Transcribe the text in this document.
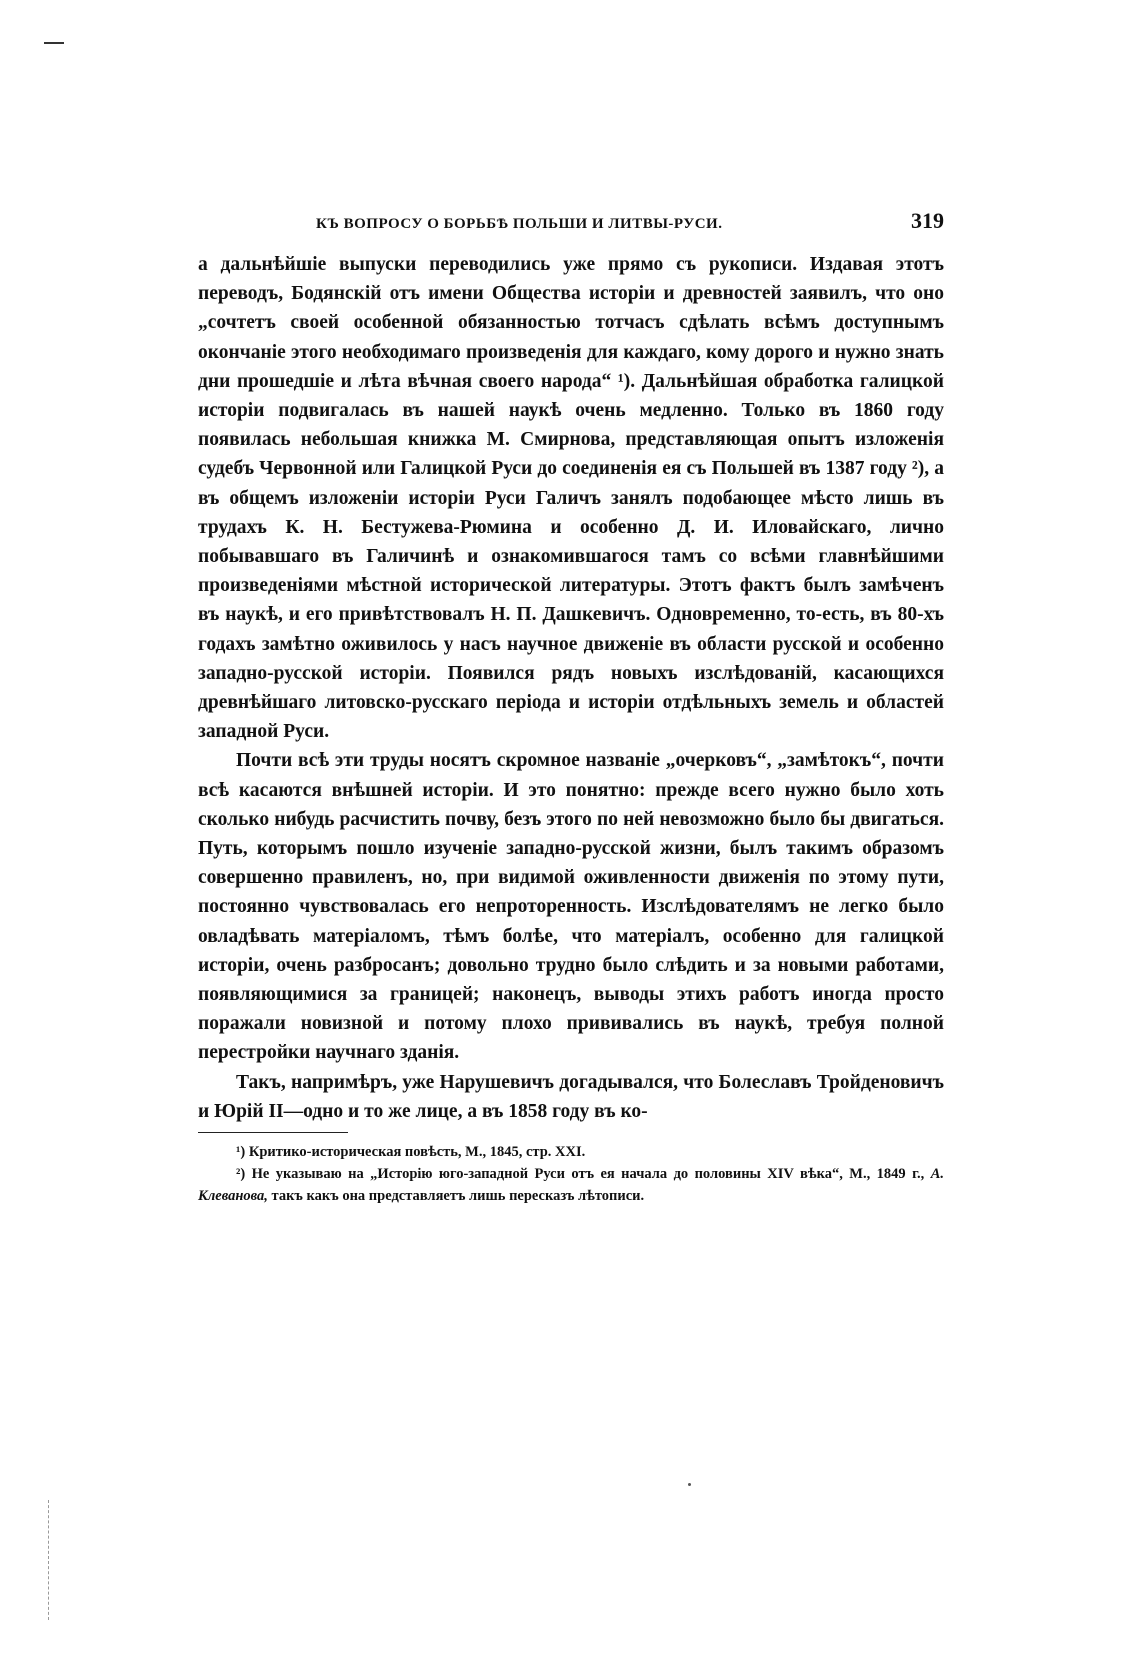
КЪ ВОПРОСУ О БОРЬБѢ ПОЛЬШИ И ЛИТВЫ-РУСИ.	319

а дальнѣйшіе выпуски переводились уже прямо съ рукописи. Издавая этотъ переводъ, Бодянскій отъ имени Общества исторіи и древностей заявилъ, что оно „сочтетъ своей особенной обязанностью тотчасъ сдѣлать всѣмъ доступнымъ окончаніе этого необходимаго произведенія для каждаго, кому дорого и нужно знать дни прошедшіе и лѣта вѣчная своего народа“ ¹). Дальнѣйшая обработка галицкой исторіи подвигалась въ нашей наукѣ очень медленно. Только въ 1860 году появилась небольшая книжка М. Смирнова, представляющая опытъ изложенія судебъ Червонной или Галицкой Руси до соединенія ея съ Польшей въ 1387 году ²), а въ общемъ изложеніи исторіи Руси Галичъ занялъ подобающее мѣсто лишь въ трудахъ К. Н. Бестужева-Рюмина и особенно Д. И. Иловайскаго, лично побывавшаго въ Галичинѣ и ознакомившагося тамъ со всѣми главнѣйшими произведеніями мѣстной исторической литературы. Этотъ фактъ былъ замѣченъ въ наукѣ, и его привѣтствовалъ Н. П. Дашкевичъ. Одновременно, то-есть, въ 80-хъ годахъ замѣтно оживилось у насъ научное движеніе въ области русской и особенно западно-русской исторіи. Появился рядъ новыхъ изслѣдованій, касающихся древнѣйшаго литовско-русскаго періода и исторіи отдѣльныхъ земель и областей западной Руси.

Почти всѣ эти труды носятъ скромное названіе „очерковъ“, „замѣтокъ“, почти всѣ касаются внѣшней исторіи. И это понятно: прежде всего нужно было хоть сколько нибудь расчистить почву, безъ этого по ней невозможно было бы двигаться. Путь, которымъ пошло изученіе западно-русской жизни, былъ такимъ образомъ совершенно правиленъ, но, при видимой оживленности движенія по этому пути, постоянно чувствовалась его непроторенность. Изслѣдователямъ не легко было овладѣвать матеріаломъ, тѣмъ болѣе, что матеріалъ, особенно для галицкой исторіи, очень разбросанъ; довольно трудно было слѣдить и за новыми работами, появляющимися за границей; наконецъ, выводы этихъ работъ иногда просто поражали новизной и потому плохо прививались въ наукѣ, требуя полной перестройки научнаго зданія.

Такъ, напримѣръ, уже Нарушевичъ догадывался, что Болеславъ Тройденовичъ и Юрій II—одно и то же лице, а въ 1858 году въ ко-

¹) Критико-историческая повѣсть, М., 1845, стр. XXI.

²) Не указываю на „Исторію юго-западной Руси отъ ея начала до половины XIV вѣка“, М., 1849 г., А. Клеванова, такъ какъ она представляетъ лишь пересказъ лѣтописи.
